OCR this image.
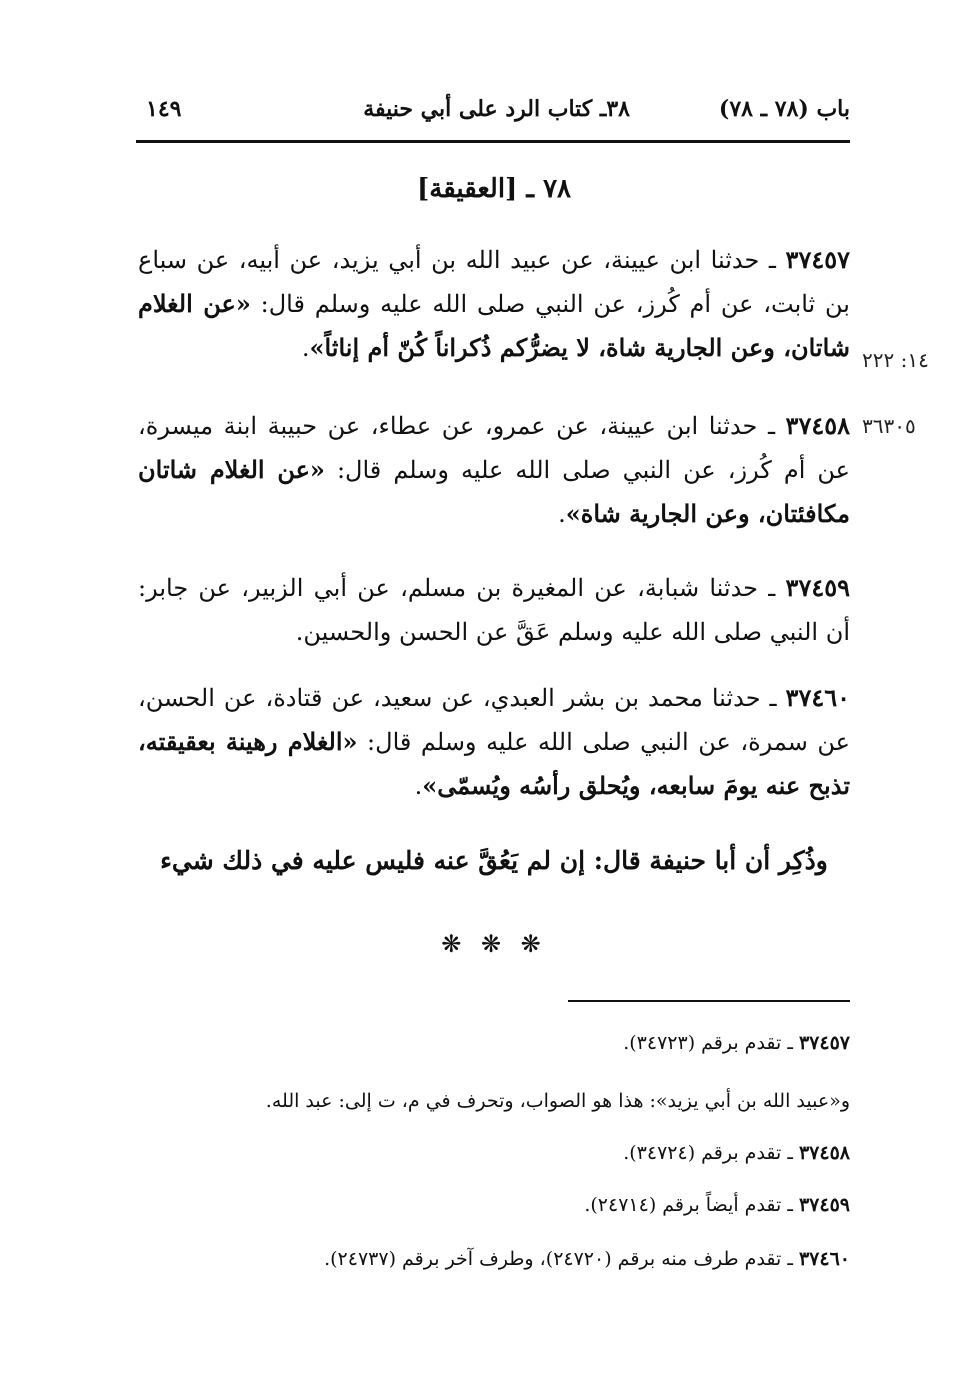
باب (٧٨ ـ ٧٨)
٣٨ـ كتاب الرد على أبي حنيفة
١٤٩
٧٨ ـ [العقيقة]
٣٧٤٥٧ ـ حدثنا ابن عيينة، عن عبيد الله بن أبي يزيد، عن أبيه، عن سباع بن ثابت، عن أم كُرز، عن النبي صلى الله عليه وسلم قال: «عن الغلام شاتان، وعن الجارية شاة، لا يضرُّكم ذُكراناً كُنّ أم إناثاً».	١٤: ٢٢٢
٣٧٤٥٨ ـ حدثنا ابن عيينة، عن عمرو، عن عطاء، عن حبيبة ابنة ميسرة، عن أم كُرز، عن النبي صلى الله عليه وسلم قال: «عن الغلام شاتان مكافئتان، وعن الجارية شاة».
٣٦٣٠٥
٣٧٤٥٩ ـ حدثنا شبابة، عن المغيرة بن مسلم، عن أبي الزبير، عن جابر: أن النبي صلى الله عليه وسلم عَقَّ عن الحسن والحسين.
٣٧٤٦٠ ـ حدثنا محمد بن بشر العبدي، عن سعيد، عن قتادة، عن الحسن، عن سمرة، عن النبي صلى الله عليه وسلم قال: «الغلام رهينة بعقيقته، تذبح عنه يومَ سابعه، ويُحلق رأسُه ويُسمّى».
وذُكِر أن أبا حنيفة قال: إن لم يَعُقَّ عنه فليس عليه في ذلك شيء
❋ ❋ ❋
٣٧٤٥٧ ـ تقدم برقم (٣٤٧٢٣).
و«عبيد الله بن أبي يزيد»: هذا هو الصواب، وتحرف في م، ت إلى: عبد الله.
٣٧٤٥٨ ـ تقدم برقم (٣٤٧٢٤).
٣٧٤٥٩ ـ تقدم أيضاً برقم (٢٤٧١٤).
٣٧٤٦٠ ـ تقدم طرف منه برقم (٢٤٧٢٠)، وطرف آخر برقم (٢٤٧٣٧).
